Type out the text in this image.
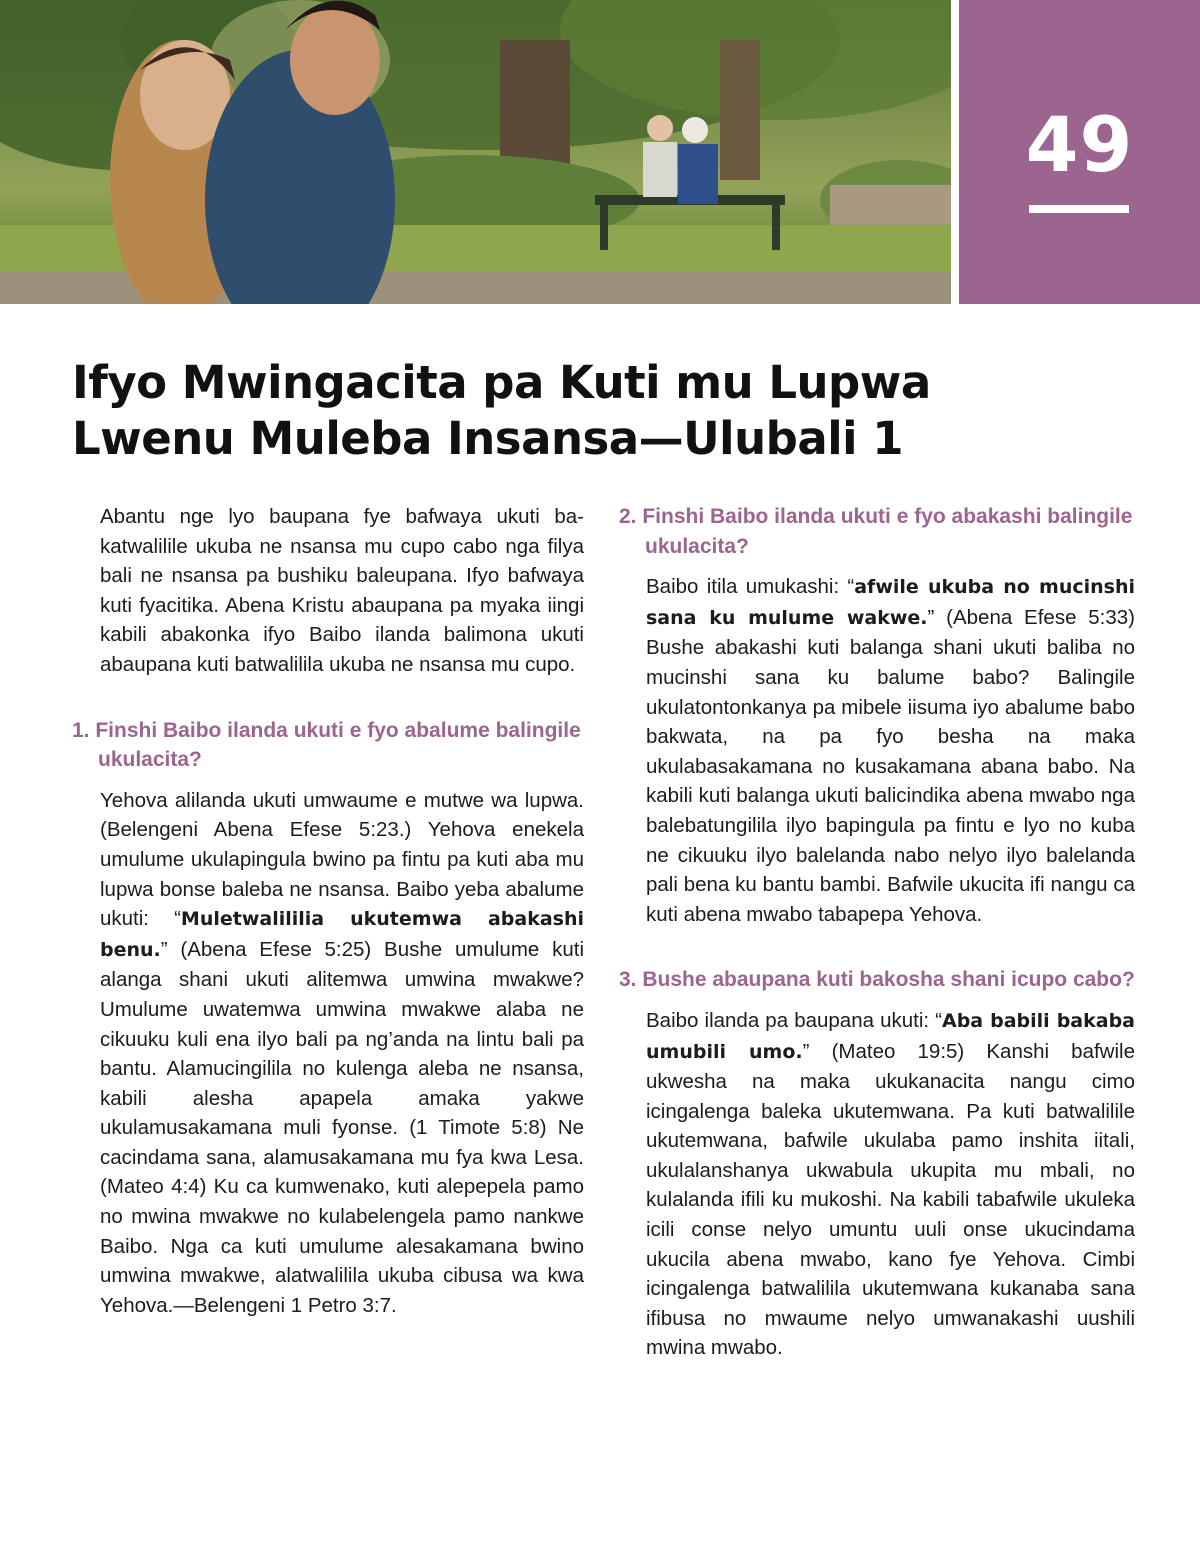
49
Ifyo Mwingacita pa Kuti mu Lupwa
Lwenu Muleba Insansa—Ulubali 1

Abantu nge lyo baupana fye bafwaya ukuti bakatwalilile ukuba ne nsansa mu cupo cabo nga filya bali ne nsansa pa bushiku baleupana. Ifyo bafwaya kuti fyacitika. Abena Kristu abaupana pa myaka iingi kabili abakonka ifyo Baibo ilanda balimona ukuti abaupana kuti batwalilila ukuba ne nsansa mu cupo.

1. Finshi Baibo ilanda ukuti e fyo abalume balingile ukulacita?

Yehova alilanda ukuti umwaume e mutwe wa lupwa. (Belengeni Abena Efese 5:23.) Yehova enekela umulume ukulapingula bwino pa fintu pa kuti aba mu lupwa bonse baleba ne nsansa. Baibo yeba abalume ukuti: “Muletwalililia ukutemwa abakashi benu.” (Abena Efese 5:25) Bushe umulume kuti alanga shani ukuti alitemwa umwina mwakwe? Umulume uwatemwa umwina mwakwe alaba ne cikuuku kuli ena ilyo bali pa ng’anda na lintu bali pa bantu. Alamucingilila no kulenga aleba ne nsansa, kabili alesha apapela amaka yakwe ukulamusakamana muli fyonse. (1 Timote 5:8) Ne cacindama sana, alamusakamana mu fya kwa Lesa. (Mateo 4:4) Ku ca kumwenako, kuti alepepela pamo no mwina mwakwe no kulabelengela pamo nankwe Baibo. Nga ca kuti umulume alesakamana bwino umwina mwakwe, alatwalilila ukuba cibusa wa kwa Yehova.—Belengeni 1 Petro 3:7.

2. Finshi Baibo ilanda ukuti e fyo abakashi balingile ukulacita?

Baibo itila umukashi: “afwile ukuba no mucinshi sana ku mulume wakwe.” (Abena Efese 5:33) Bushe abakashi kuti balanga shani ukuti baliba no mucinshi sana ku balume babo? Balingile ukulatontonkanya pa mibele iisuma iyo abalume babo bakwata, na pa fyo besha na maka ukulabasakamana no kusakamana abana babo. Na kabili kuti balanga ukuti balicindika abena mwabo nga balebatungilila ilyo bapingula pa fintu e lyo no kuba ne cikuuku ilyo balelanda nabo nelyo ilyo balelanda pali bena ku bantu bambi. Bafwile ukucita ifi nangu ca kuti abena mwabo tabapepa Yehova.

3. Bushe abaupana kuti bakosha shani icupo cabo?

Baibo ilanda pa baupana ukuti: “Aba babili bakaba umubili umo.” (Mateo 19:5) Kanshi bafwile ukwesha na maka ukukanacita nangu cimo icingalenga baleka ukutemwana. Pa kuti batwalilile ukutemwana, bafwile ukulaba pamo inshita iitali, ukulalanshanya ukwabula ukupita mu mbali, no kulalanda ifili ku mukoshi. Na kabili tabafwile ukuleka icili conse nelyo umuntu uuli onse ukucindama ukucila abena mwabo, kano fye Yehova. Cimbi icingalenga batwalilila ukutemwana kukanaba sana ifibusa no mwaume nelyo umwanakashi uushili mwina mwabo.
